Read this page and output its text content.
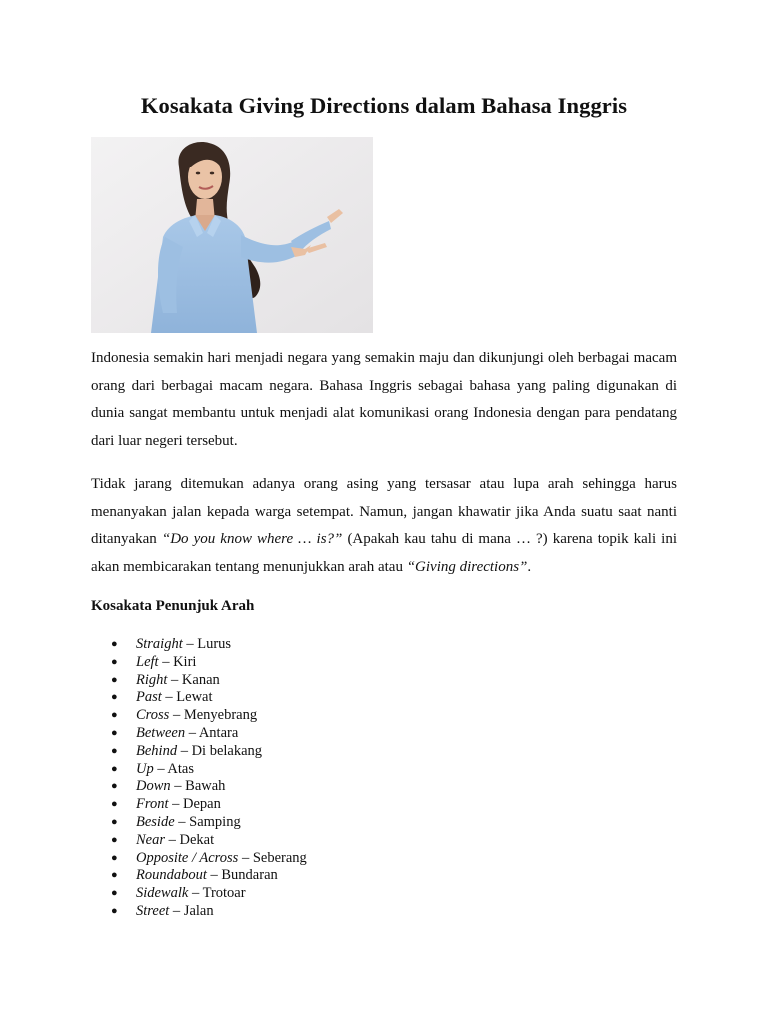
Kosakata Giving Directions dalam Bahasa Inggris

Indonesia semakin hari menjadi negara yang semakin maju dan dikunjungi oleh berbagai macam orang dari berbagai macam negara. Bahasa Inggris sebagai bahasa yang paling digunakan di dunia sangat membantu untuk menjadi alat komunikasi orang Indonesia dengan para pendatang dari luar negeri tersebut.

Tidak jarang ditemukan adanya orang asing yang tersasar atau lupa arah sehingga harus menanyakan jalan kepada warga setempat. Namun, jangan khawatir jika Anda suatu saat nanti ditanyakan “Do you know where … is?” (Apakah kau tahu di mana … ?) karena topik kali ini akan membicarakan tentang menunjukkan arah atau “Giving directions”.

Kosakata Penunjuk Arah
● Straight – Lurus
● Left – Kiri
● Right – Kanan
● Past – Lewat
● Cross – Menyebrang
● Between – Antara
● Behind – Di belakang
● Up – Atas
● Down – Bawah
● Front – Depan
● Beside – Samping
● Near – Dekat
● Opposite / Across – Seberang
● Roundabout – Bundaran
● Sidewalk – Trotoar
● Street – Jalan
